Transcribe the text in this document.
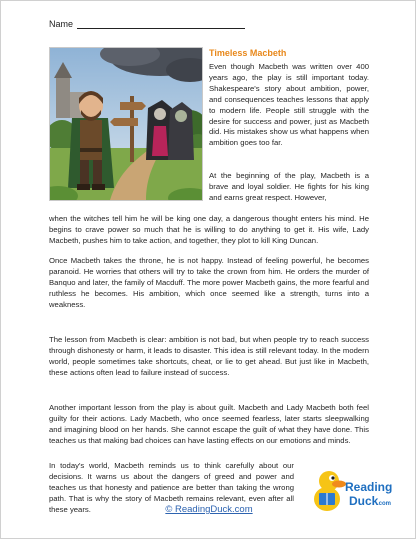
Name
Timeless Macbeth

Even though Macbeth was written over 400 years ago, the play is still important today. Shakespeare's story about ambition, power, and consequences teaches lessons that apply to modern life. People still struggle with the desire for success and power, just as Macbeth did. His mistakes show us what happens when ambition goes too far.

At the beginning of the play, Macbeth is a brave and loyal soldier. He fights for his king and earns great respect. However,

when the witches tell him he will be king one day, a dangerous thought enters his mind. He begins to crave power so much that he is willing to do anything to get it. His wife, Lady Macbeth, pushes him to take action, and together, they plot to kill King Duncan.

Once Macbeth takes the throne, he is not happy. Instead of feeling powerful, he becomes paranoid. He worries that others will try to take the crown from him. He orders the murder of Banquo and later, the family of Macduff. The more power Macbeth gains, the more fearful and ruthless he becomes. His ambition, which once seemed like a strength, turns into a weakness.

The lesson from Macbeth is clear: ambition is not bad, but when people try to reach success through dishonesty or harm, it leads to disaster. This idea is still relevant today. In the modern world, people sometimes take shortcuts, cheat, or lie to get ahead. But just like in Macbeth, these actions often lead to failure instead of success.

Another important lesson from the play is about guilt. Macbeth and Lady Macbeth both feel guilty for their actions. Lady Macbeth, who once seemed fearless, later starts sleepwalking and imagining blood on her hands. She cannot escape the guilt of what they have done. This teaches us that making bad choices can have lasting effects on our emotions and minds.

In today's world, Macbeth reminds us to think carefully about our decisions. It warns us about the dangers of greed and power and teaches us that honesty and patience are better than taking the wrong path. That is why the story of Macbeth remains relevant, even after all these years.

Reading
Duck
.com
© ReadingDuck.com
